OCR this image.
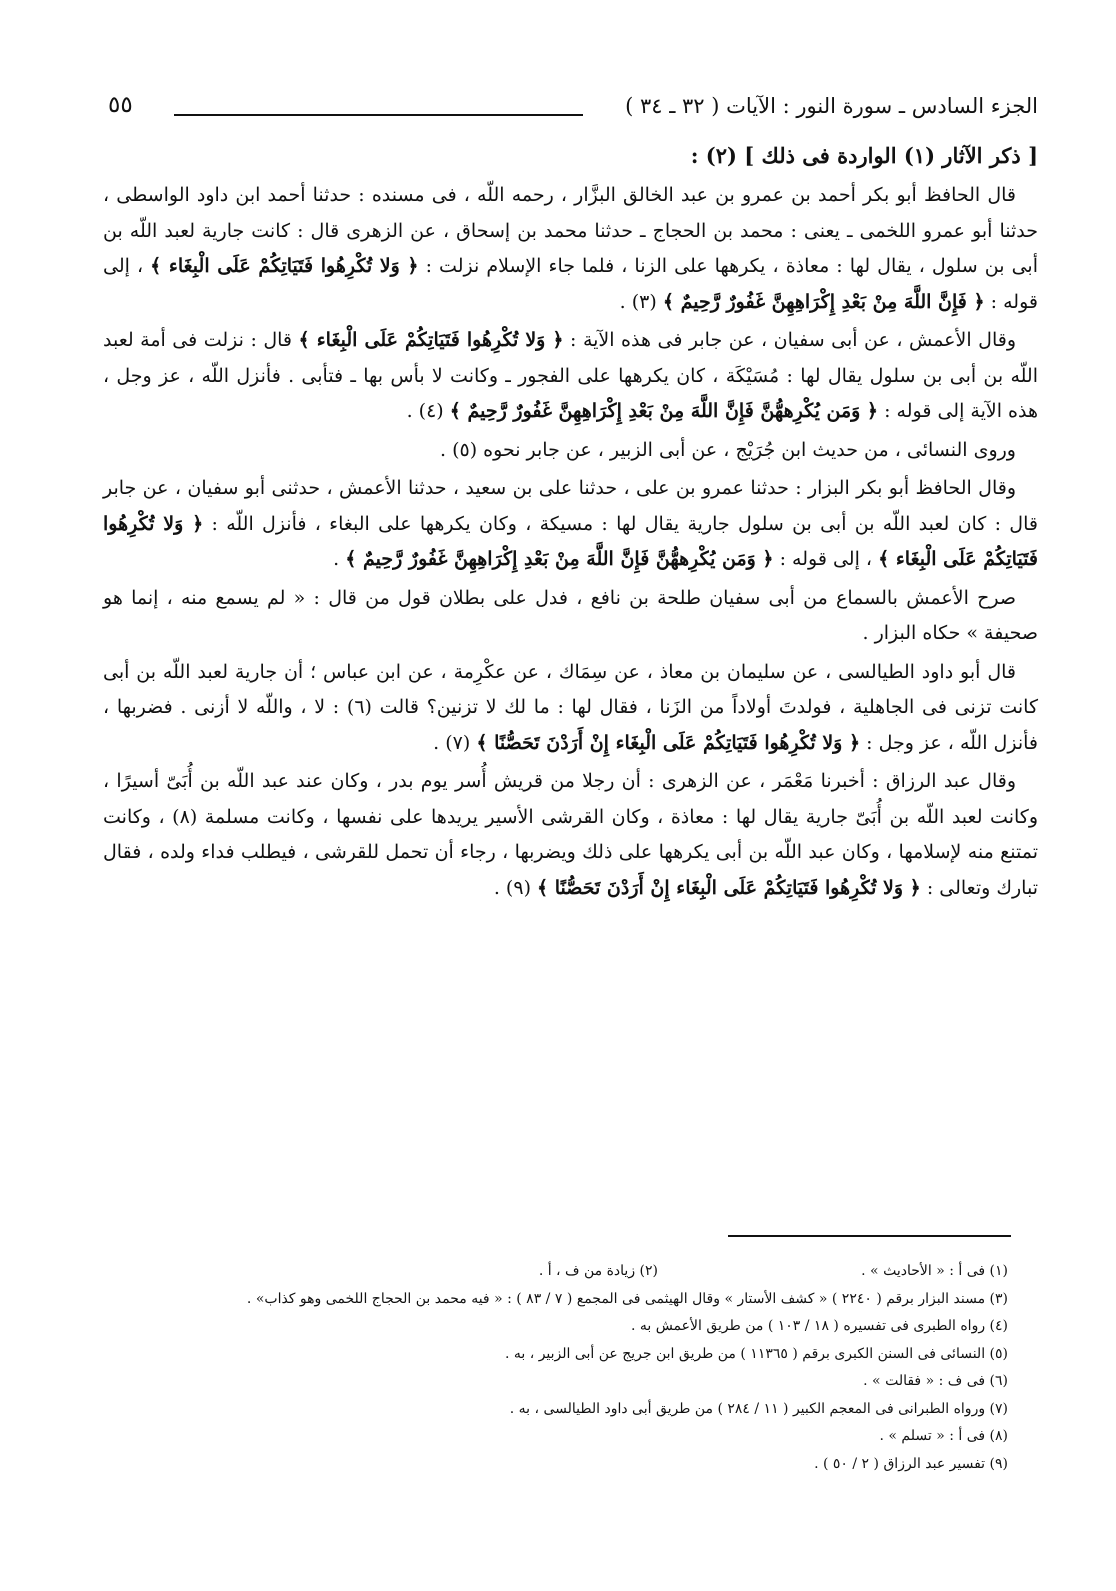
الجزء السادس ـ سورة النور : الآيات ( ٣٢ ـ ٣٤ )
٥٥
[ ذكر الآثار (١) الواردة فى ذلك ] (٢) :

قال الحافظ أبو بكر أحمد بن عمرو بن عبد الخالق البزَّار ، رحمه اللّه ، فى مسنده : حدثنا أحمد ابن داود الواسطى ، حدثنا أبو عمرو اللخمى ـ يعنى : محمد بن الحجاج ـ حدثنا محمد بن إسحاق ، عن الزهرى قال : كانت جارية لعبد اللّه بن أبى بن سلول ، يقال لها : معاذة ، يكرهها على الزنا ، فلما جاء الإسلام نزلت : ﴿ وَلا تُكْرِهُوا فَتَيَاتِكُمْ عَلَى الْبِغَاء ﴾ ، إلى قوله : ﴿ فَإِنَّ اللَّهَ مِنْ بَعْدِ إِكْرَاهِهِنَّ غَفُورٌ رَّحِيمٌ ﴾ (٣) .

وقال الأعمش ، عن أبى سفيان ، عن جابر فى هذه الآية : ﴿ وَلا تُكْرِهُوا فَتَيَاتِكُمْ عَلَى الْبِغَاء ﴾ قال : نزلت فى أمة لعبد اللّه بن أبى بن سلول يقال لها : مُسَيْكَة ، كان يكرهها على الفجور ـ وكانت لا بأس بها ـ فتأبى . فأنزل اللّه ، عز وجل ، هذه الآية إلى قوله : ﴿ وَمَن يُكْرِههُّنَّ فَإِنَّ اللَّهَ مِنْ بَعْدِ إِكْرَاهِهِنَّ غَفُورٌ رَّحِيمٌ ﴾ (٤) .

وروى النسائى ، من حديث ابن جُرَيْج ، عن أبى الزبير ، عن جابر نحوه (٥) .

وقال الحافظ أبو بكر البزار : حدثنا عمرو بن على ، حدثنا على بن سعيد ، حدثنا الأعمش ، حدثنى أبو سفيان ، عن جابر قال : كان لعبد اللّه بن أبى بن سلول جارية يقال لها : مسيكة ، وكان يكرهها على البغاء ، فأنزل اللّه : ﴿ وَلا تُكْرِهُوا فَتَيَاتِكُمْ عَلَى الْبِغَاء ﴾ ، إلى قوله : ﴿ وَمَن يُكْرِههُّنَّ فَإِنَّ اللَّهَ مِنْ بَعْدِ إِكْرَاهِهِنَّ غَفُورٌ رَّحِيمٌ ﴾ .

صرح الأعمش بالسماع من أبى سفيان طلحة بن نافع ، فدل على بطلان قول من قال : « لم يسمع منه ، إنما هو صحيفة » حكاه البزار .

قال أبو داود الطيالسى ، عن سليمان بن معاذ ، عن سِمَاك ، عن عكْرِمة ، عن ابن عباس ؛ أن جارية لعبد اللّه بن أبى كانت تزنى فى الجاهلية ، فولدتَ أولاداً من الزَنا ، فقال لها : ما لك لا تزنين؟ قالت (٦) : لا ، واللّه لا أزنى . فضربها ، فأنزل اللّه ، عز وجل : ﴿ وَلا تُكْرِهُوا فَتَيَاتِكُمْ عَلَى الْبِغَاء إِنْ أَرَدْنَ تَحَصُّنًا ﴾ (٧) .

وقال عبد الرزاق : أخبرنا مَعْمَر ، عن الزهرى : أن رجلا من قريش أُسر يوم بدر ، وكان عند عبد اللّه بن أُبَىّ أسيرًا ، وكانت لعبد اللّه بن أُبَىّ جارية يقال لها : معاذة ، وكان القرشى الأسير يريدها على نفسها ، وكانت مسلمة (٨) ، وكانت تمتنع منه لإسلامها ، وكان عبد اللّه بن أبى يكرهها على ذلك ويضربها ، رجاء أن تحمل للقرشى ، فيطلب فداء ولده ، فقال تبارك وتعالى : ﴿ وَلا تُكْرِهُوا فَتَيَاتِكُمْ عَلَى الْبِغَاء إِنْ أَرَدْنَ تَحَصُّنًا ﴾ (٩) .

(١) فى أ : « الأحاديث » .
(٢) زيادة من ف ، أ .
(٣) مسند البزار برقم ( ٢٢٤٠ ) « كشف الأستار » وقال الهيثمى فى المجمع ( ٧ / ٨٣ ) : « فيه محمد بن الحجاج اللخمى وهو كذاب» .
(٤) رواه الطبرى فى تفسيره ( ١٨ / ١٠٣ ) من طريق الأعمش به .
(٥) النسائى فى السنن الكبرى برقم ( ١١٣٦٥ ) من طريق ابن جريج عن أبى الزبير ، به .
(٦) فى ف : « فقالت » .
(٧) ورواه الطبرانى فى المعجم الكبير ( ١١ / ٢٨٤ ) من طريق أبى داود الطيالسى ، به .
(٨) فى أ : « تسلم » .
(٩) تفسير عبد الرزاق ( ٢ / ٥٠ ) .
